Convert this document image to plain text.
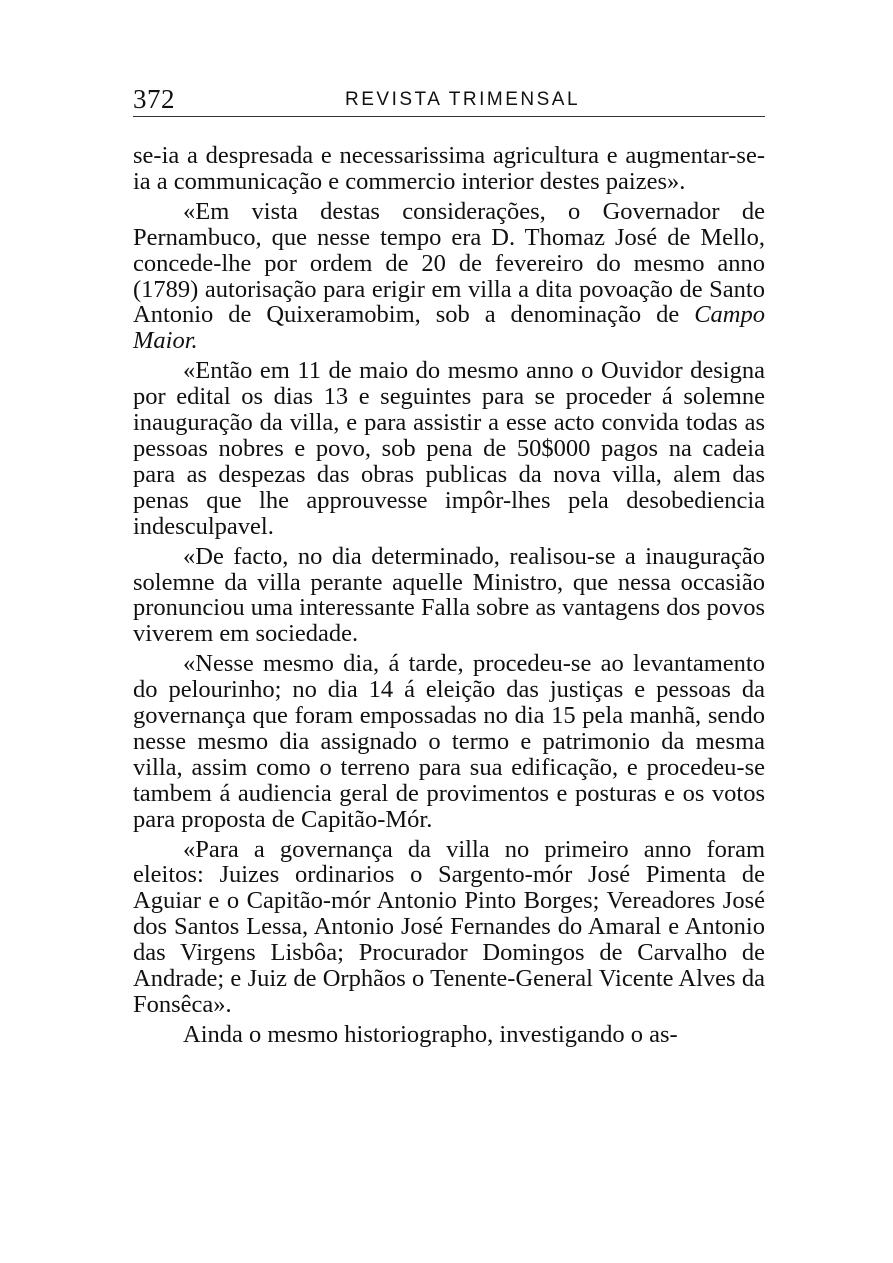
372	REVISTA TRIMENSAL

se-ia a despresada e necessarissima agricultura e augmentar-se-ia a communicação e commercio interior destes paizes».

«Em vista destas considerações, o Governador de Pernambuco, que nesse tempo era D. Thomaz José de Mello, concede-lhe por ordem de 20 de fevereiro do mesmo anno (1789) autorisação para erigir em villa a dita povoação de Santo Antonio de Quixeramobim, sob a denominação de Campo Maior.

«Então em 11 de maio do mesmo anno o Ouvidor designa por edital os dias 13 e seguintes para se proceder á solemne inauguração da villa, e para assistir a esse acto convida todas as pessoas nobres e povo, sob pena de 50$000 pagos na cadeia para as despezas das obras publicas da nova villa, alem das penas que lhe approuvesse impôr-lhes pela desobediencia indesculpavel.

«De facto, no dia determinado, realisou-se a inauguração solemne da villa perante aquelle Ministro, que nessa occasião pronunciou uma interessante Falla sobre as vantagens dos povos viverem em sociedade.

«Nesse mesmo dia, á tarde, procedeu-se ao levantamento do pelourinho; no dia 14 á eleição das justiças e pessoas da governança que foram empossadas no dia 15 pela manhã, sendo nesse mesmo dia assignado o termo e patrimonio da mesma villa, assim como o terreno para sua edificação, e procedeu-se tambem á audiencia geral de provimentos e posturas e os votos para proposta de Capitão-Mór.

«Para a governança da villa no primeiro anno foram eleitos: Juizes ordinarios o Sargento-mór José Pimenta de Aguiar e o Capitão-mór Antonio Pinto Borges; Vereadores José dos Santos Lessa, Antonio José Fernandes do Amaral e Antonio das Virgens Lisbôa; Procurador Domingos de Carvalho de Andrade; e Juiz de Orphãos o Tenente-General Vicente Alves da Fonsêca».

Ainda o mesmo historiographo, investigando o as-
